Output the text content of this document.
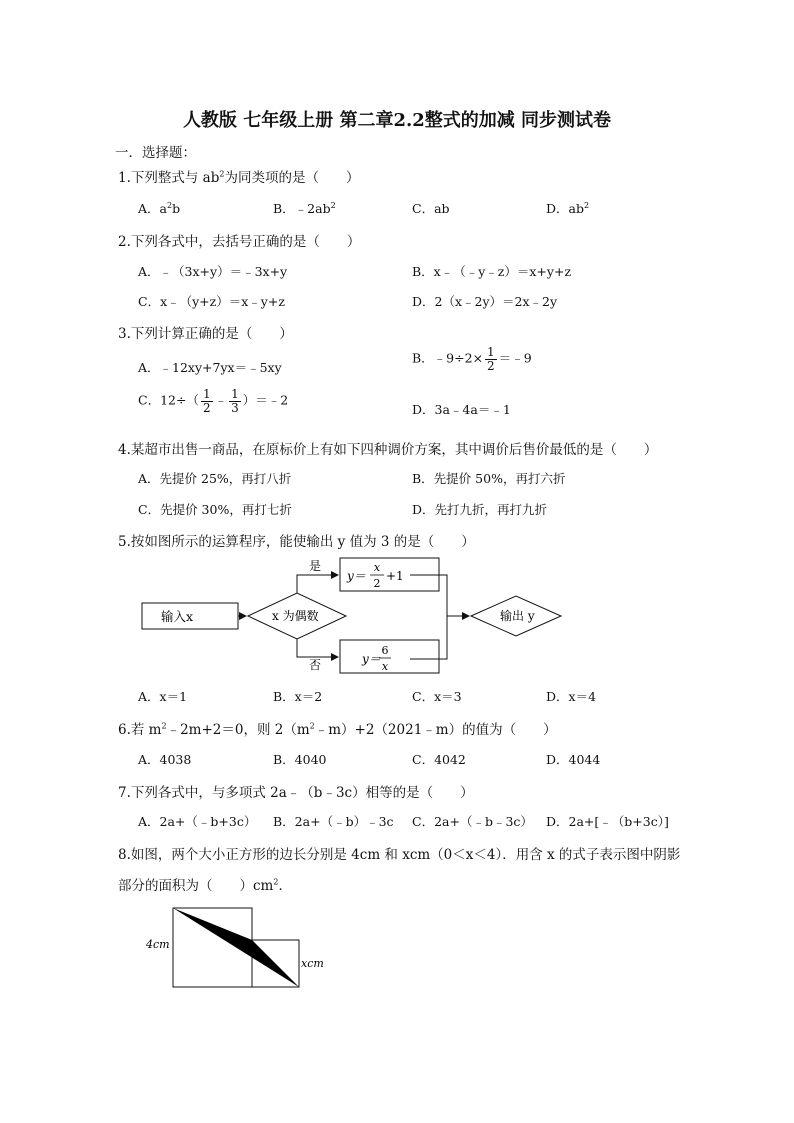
人教版 七年级上册 第二章2.2整式的加减 同步测试卷
一．选择题：
1.下列整式与 $ab^2$为同类项的是（　　）
A．$a^2b$	B．$﹣2ab^2$	C．ab	D．$ab^2$
2.下列各式中，去括号正确的是（　　）
A．﹣（3x+y）＝﹣3x+y	B．x﹣（﹣y﹣z）＝x+y+z
C．x﹣（y+z）＝x﹣y+z	D．2（x﹣2y）＝2x﹣2y
3.下列计算正确的是（　　）
A．﹣12xy+7yx＝﹣5xy
B．﹣9÷2× $\frac{1}{2}$ ＝﹣9
C．$12\div( \frac{1}{2}$ ﹣ $\frac{1}{3}$ ）＝﹣2
D．3a﹣4a＝﹣1
4.某超市出售一商品，在原标价上有如下四种调价方案，其中调价后售价最低的是（　　）
A．先提价 25%，再打八折	B．先提价 50%，再打六折
C．先提价 30%，再打七折	D．先打九折，再打九折
5.按如图所示的运算程序，能使输出 y 值为 3 的是（　　）
输入x	x 为偶数
是
否
y＝
x
2
+1
y＝
6
x
输出 y
4cm
xcm
A．x＝1	B．x＝2	C．x＝3	D．x＝4
6.若 $m^2﹣2m+2=0$，则 $2(m^2﹣m)+2(2021﹣m)$的值为（　　）
A．4038	B．4040	C．4042	D．4044
7.下列各式中，与多项式 2a﹣（b﹣3c）相等的是（　　）
A．2a+（﹣b+3c） B．2a+（﹣b）﹣3c C．2a+（﹣b﹣3c） D．2a+[﹣（b+3c）]
8.如图，两个大小正方形的边长分别是 4cm 和 xcm（0＜x＜4）．用含 x 的式子表示图中阴影
部分的面积为（　　）$cm^2$．
